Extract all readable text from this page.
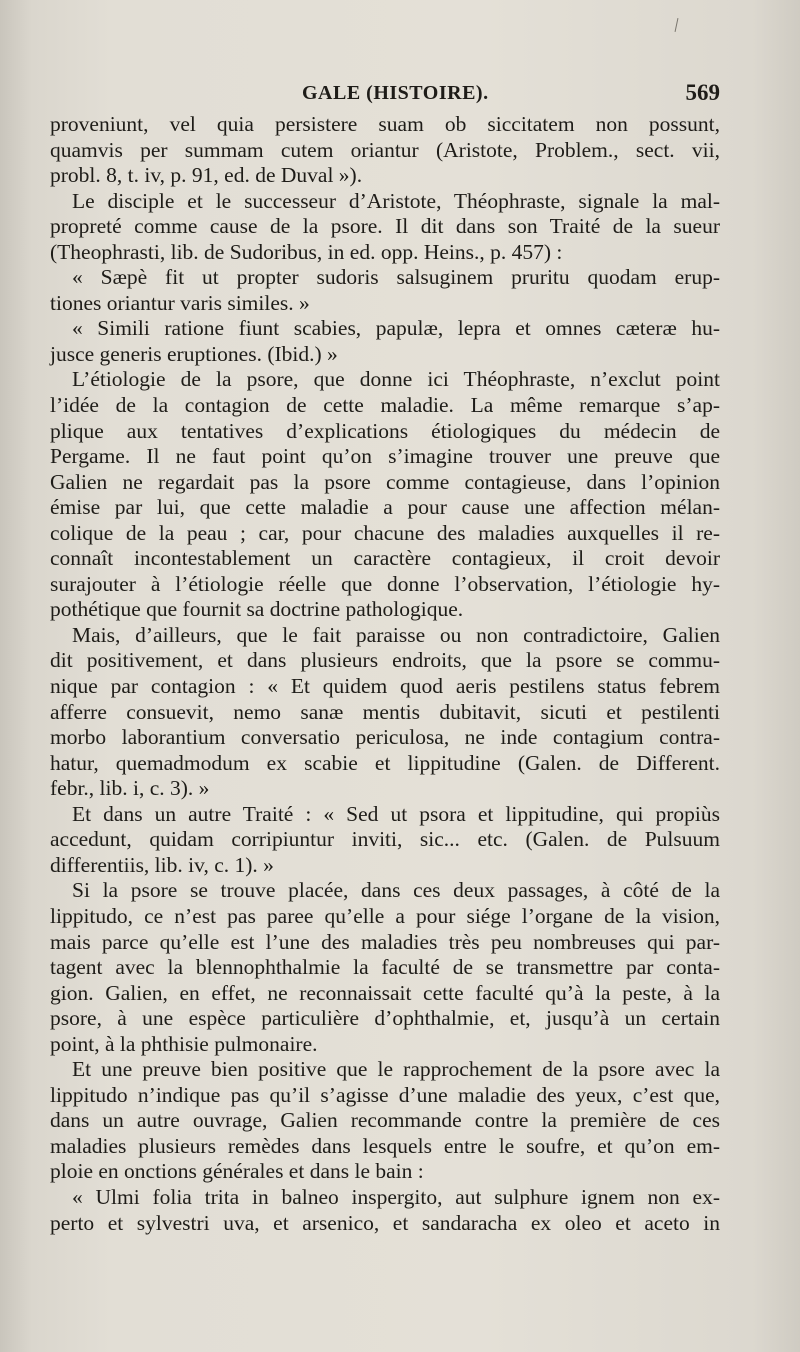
GALE (HISTOIRE).	569
proveniunt, vel quia persistere suam ob siccitatem non possunt,
quamvis per summam cutem oriantur (Aristote, Problem., sect. vii,
probl. 8, t. iv, p. 91, ed. de Duval »).
Le disciple et le successeur d’Aristote, Théophraste, signale la mal-
propreté comme cause de la psore. Il dit dans son Traité de la sueur
(Theophrasti, lib. de Sudoribus, in ed. opp. Heins., p. 457) :
« Sæpè fit ut propter sudoris salsuginem pruritu quodam erup-
tiones oriantur varis similes. »
« Simili ratione fiunt scabies, papulæ, lepra et omnes cæteræ hu-
jusce generis eruptiones. (Ibid.) »
L’étiologie de la psore, que donne ici Théophraste, n’exclut point
l’idée de la contagion de cette maladie. La même remarque s’ap-
plique aux tentatives d’explications étiologiques du médecin de
Pergame. Il ne faut point qu’on s’imagine trouver une preuve que
Galien ne regardait pas la psore comme contagieuse, dans l’opinion
émise par lui, que cette maladie a pour cause une affection mélan-
colique de la peau ; car, pour chacune des maladies auxquelles il re-
connaît incontestablement un caractère contagieux, il croit devoir
surajouter à l’étiologie réelle que donne l’observation, l’étiologie hy-
pothétique que fournit sa doctrine pathologique.
Mais, d’ailleurs, que le fait paraisse ou non contradictoire, Galien
dit positivement, et dans plusieurs endroits, que la psore se commu-
nique par contagion : « Et quidem quod aeris pestilens status febrem
afferre consuevit, nemo sanæ mentis dubitavit, sicuti et pestilenti
morbo laborantium conversatio periculosa, ne inde contagium contra-
hatur, quemadmodum ex scabie et lippitudine (Galen. de Different.
febr., lib. i, c. 3). »
Et dans un autre Traité : « Sed ut psora et lippitudine, qui propiùs
accedunt, quidam corripiuntur inviti, sic... etc. (Galen. de Pulsuum
differentiis, lib. iv, c. 1). »
Si la psore se trouve placée, dans ces deux passages, à côté de la
lippitudo, ce n’est pas paree qu’elle a pour siége l’organe de la vision,
mais parce qu’elle est l’une des maladies très peu nombreuses qui par-
tagent avec la blennophthalmie la faculté de se transmettre par conta-
gion. Galien, en effet, ne reconnaissait cette faculté qu’à la peste, à la
psore, à une espèce particulière d’ophthalmie, et, jusqu’à un certain
point, à la phthisie pulmonaire.
Et une preuve bien positive que le rapprochement de la psore avec la
lippitudo n’indique pas qu’il s’agisse d’une maladie des yeux, c’est que,
dans un autre ouvrage, Galien recommande contre la première de ces
maladies plusieurs remèdes dans lesquels entre le soufre, et qu’on em-
ploie en onctions générales et dans le bain :
« Ulmi folia trita in balneo inspergito, aut sulphure ignem non ex-
perto et sylvestri uva, et arsenico, et sandaracha ex oleo et aceto in
